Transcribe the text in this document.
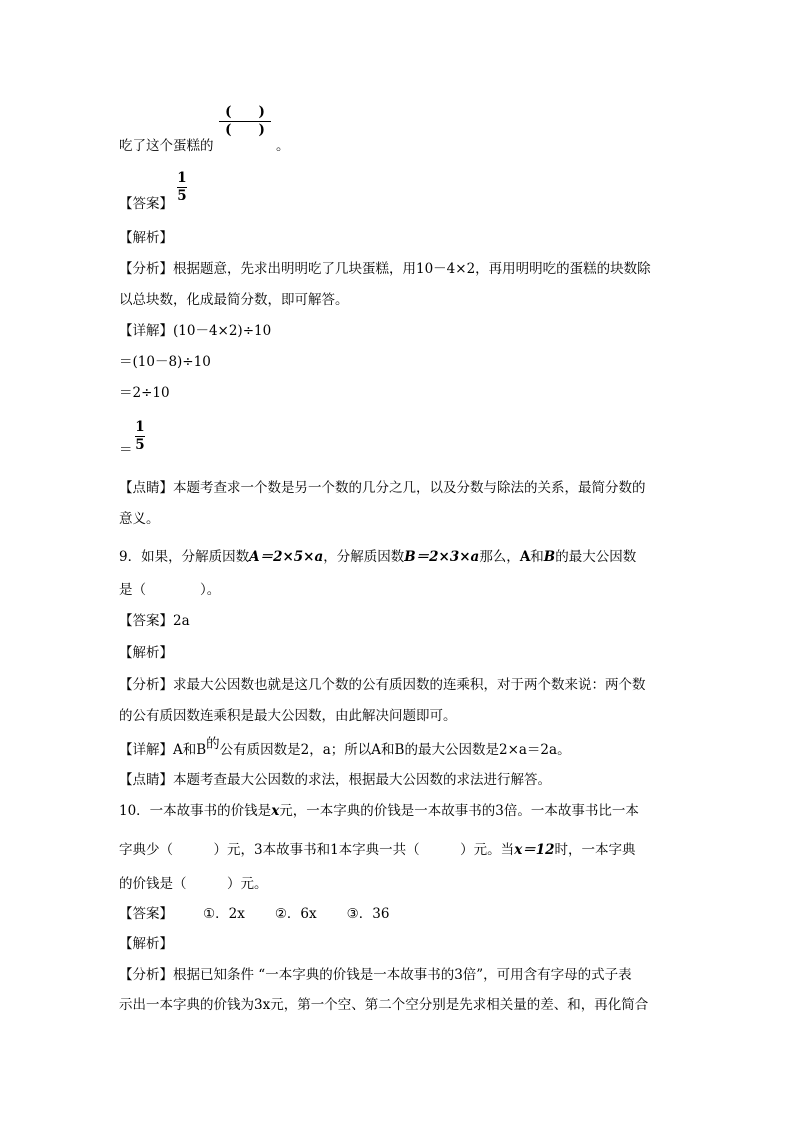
吃了这个蛋糕的
(　　)
(　　)
。
【答案】
1
5
【解析】
【分析】根据题意，先求出明明吃了几块蛋糕，用10－4×2，再用明明吃的蛋糕的块数除
以总块数，化成最简分数，即可解答。
【详解】(10－4×2)÷10
＝(10－8)÷10
＝2÷10
＝
1
5
【点睛】本题考查求一个数是另一个数的几分之几，以及分数与除法的关系，最简分数的
意义。
9．如果，分解质因数A＝2×5×a，分解质因数B＝2×3×a那么，A和B的最大公因数
是（　　　　）。
【答案】2a
【解析】
【分析】求最大公因数也就是这几个数的公有质因数的连乘积，对于两个数来说：两个数
的公有质因数连乘积是最大公因数，由此解决问题即可。
【详解】A和B的公有质因数是2，a；所以A和B的最大公因数是2×a＝2a。
【点睛】本题考查最大公因数的求法，根据最大公因数的求法进行解答。
10．一本故事书的价钱是x元，一本字典的价钱是一本故事书的3倍。一本故事书比一本
字典少（　　　）元，3本故事书和1本字典一共（　　　）元。当x＝12时，一本字典
的价钱是（　　　）元。
【答案】 ①．2x ②．6x ③．36
【解析】
【分析】根据已知条件 “一本字典的价钱是一本故事书的3倍”，可用含有字母的式子表
示出一本字典的价钱为3x元，第一个空、第二个空分别是先求相关量的差、和，再化简合
